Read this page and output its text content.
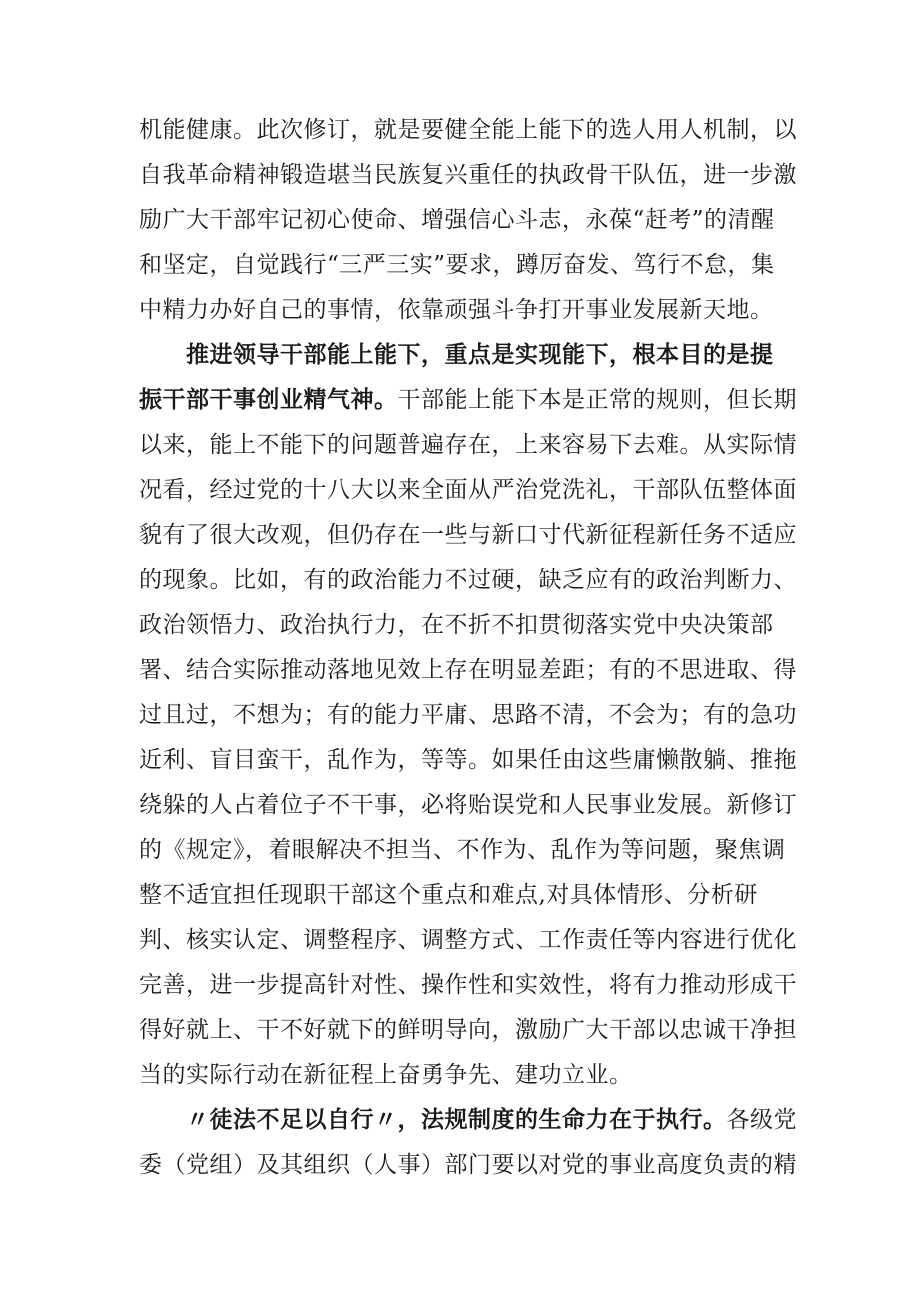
机能健康。此次修订，就是要健全能上能下的选人用人机制，以
自我革命精神锻造堪当民族复兴重任的执政骨干队伍，进一步激
励广大干部牢记初心使命、增强信心斗志，永葆“赶考”的清醒
和坚定，自觉践行“三严三实”要求，蹲厉奋发、笃行不怠，集
中精力办好自己的事情，依靠顽强斗争打开事业发展新天地。
推进领导干部能上能下，重点是实现能下，根本目的是提
振干部干事创业精气神。干部能上能下本是正常的规则，但长期
以来，能上不能下的问题普遍存在，上来容易下去难。从实际情
况看，经过党的十八大以来全面从严治党洗礼，干部队伍整体面
貌有了很大改观，但仍存在一些与新口寸代新征程新任务不适应
的现象。比如，有的政治能力不过硬，缺乏应有的政治判断力、
政治领悟力、政治执行力，在不折不扣贯彻落实党中央决策部
署、结合实际推动落地见效上存在明显差距；有的不思进取、得
过且过，不想为；有的能力平庸、思路不清，不会为；有的急功
近利、盲目蛮干，乱作为，等等。如果任由这些庸懒散躺、推拖
绕躲的人占着位子不干事，必将贻误党和人民事业发展。新修订
的《规定》，着眼解决不担当、不作为、乱作为等问题，聚焦调
整不适宜担任现职干部这个重点和难点,对具体情形、分析研
判、核实认定、调整程序、调整方式、工作责任等内容进行优化
完善，进一步提高针对性、操作性和实效性，将有力推动形成干
得好就上、干不好就下的鲜明导向，激励广大干部以忠诚干净担
当的实际行动在新征程上奋勇争先、建功立业。
〃徒法不足以自行〃，法规制度的生命力在于执行。各级党
委（党组）及其组织（人事）部门要以对党的事业高度负责的精
